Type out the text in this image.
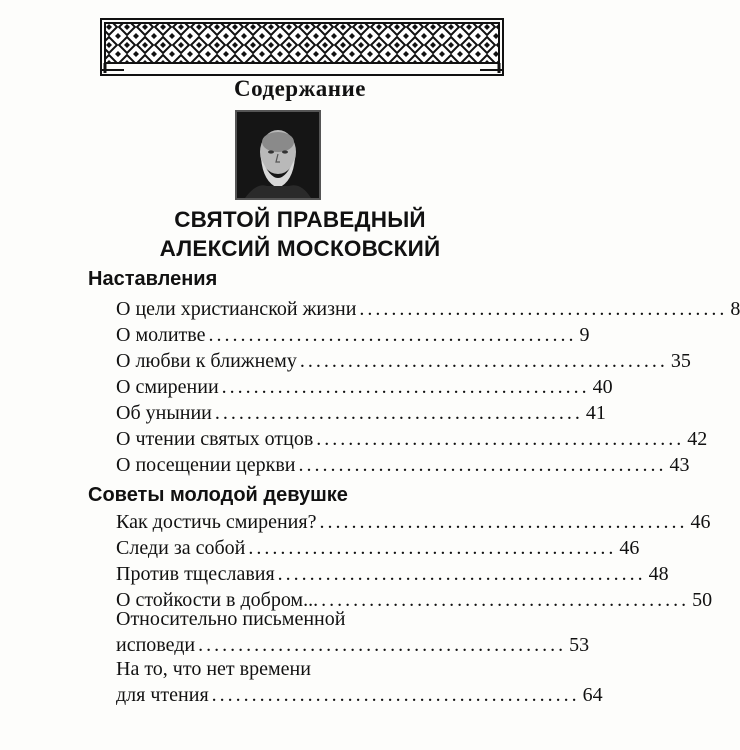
Содержание
СВЯТОЙ ПРАВЕДНЫЙ
АЛЕКСИЙ МОСКОВСКИЙ
Наставления
О цели христианской жизни .............................................. 8
О молитве .............................................. 9
О любви к ближнему .............................................. 35
О смирении .............................................. 40
Об унынии .............................................. 41
О чтении святых отцов .............................................. 42
О посещении церкви .............................................. 43
Советы молодой девушке
Как достичь смирения? .............................................. 46
Следи за собой .............................................. 46
Против тщеславия .............................................. 48
О стойкости в добром... .............................................. 50
Относительно письменной
исповеди .............................................. 53
На то, что нет времени
для чтения .............................................. 64
